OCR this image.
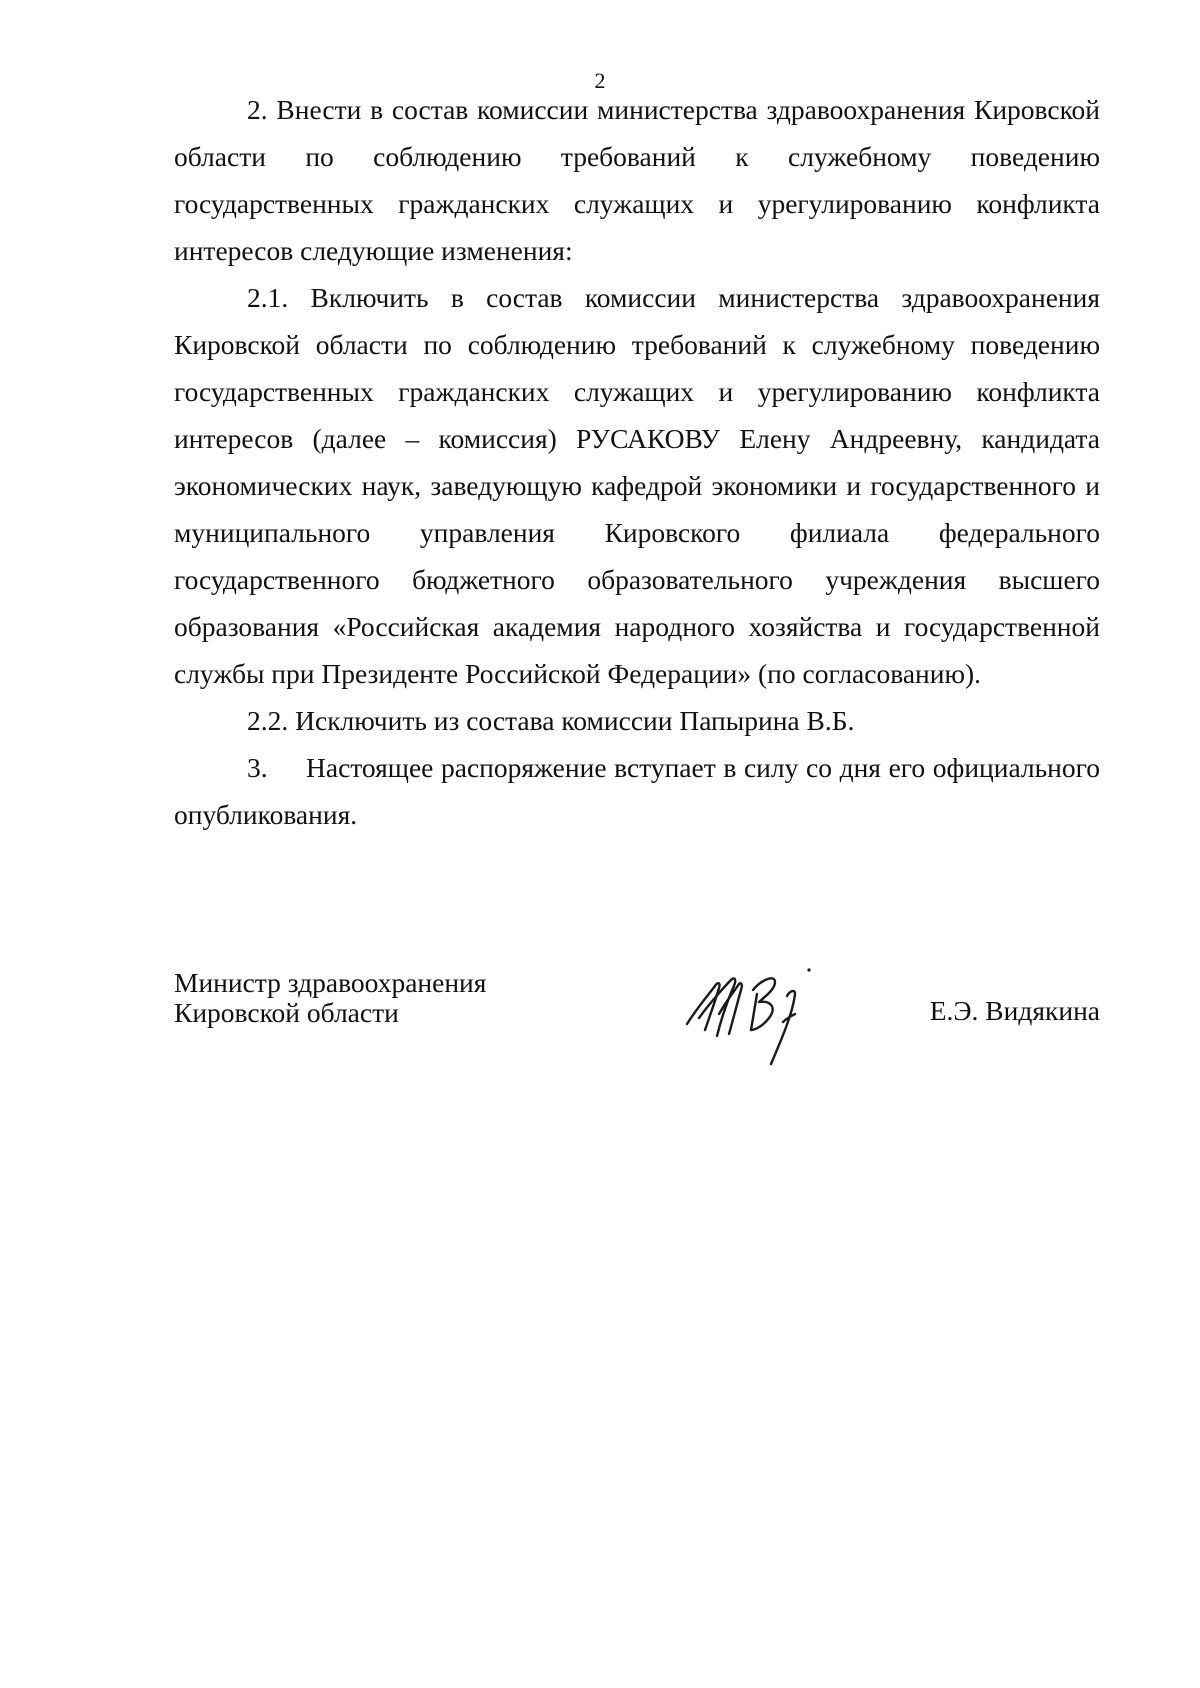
2

2. Внести в состав комиссии министерства здравоохранения Кировской области по соблюдению требований к служебному поведению государственных гражданских служащих и урегулированию конфликта интересов следующие изменения:

2.1. Включить в состав комиссии министерства здравоохранения Кировской области по соблюдению требований к служебному поведению государственных гражданских служащих и урегулированию конфликта интересов (далее – комиссия) РУСАКОВУ Елену Андреевну, кандидата экономических наук, заведующую кафедрой экономики и государственного и муниципального управления Кировского филиала федерального государственного бюджетного образовательного учреждения высшего образования «Российская академия народного хозяйства и государственной службы при Президенте Российской Федерации» (по согласованию).

2.2. Исключить из состава комиссии Папырина В.Б.

3. Настоящее распоряжение вступает в силу со дня его официального опубликования.

Министр здравоохранения
Кировской области	Е.Э. Видякина
